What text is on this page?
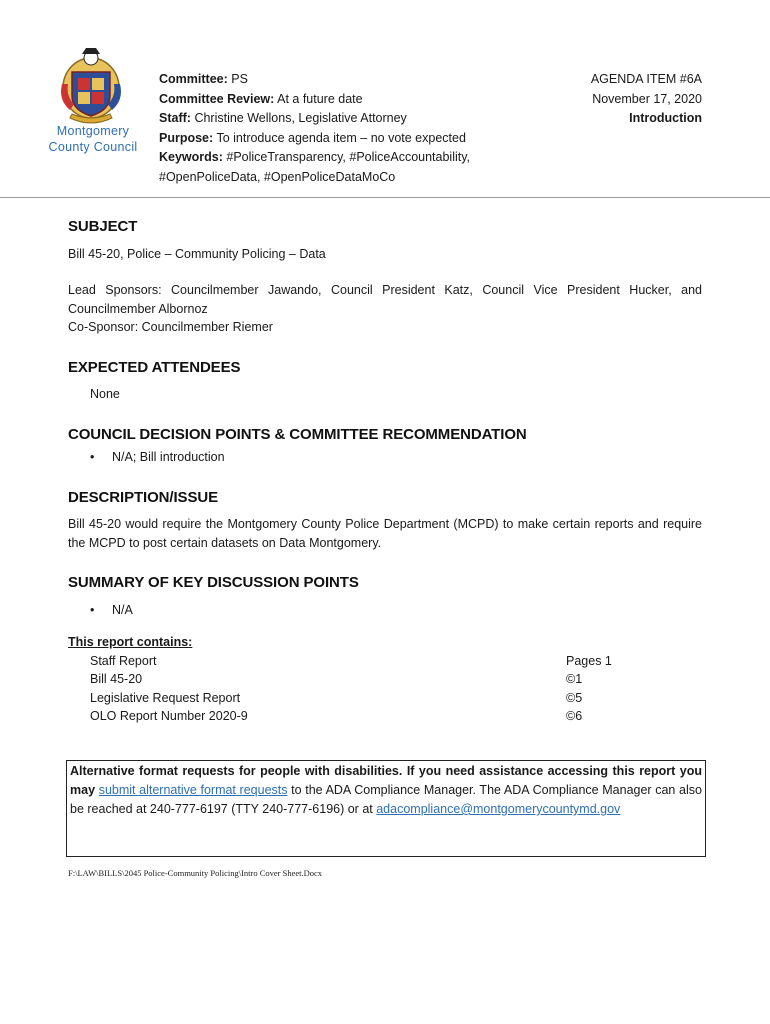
Montgomery
County Council
Committee: PS
Committee Review: At a future date
Staff: Christine Wellons, Legislative Attorney
Purpose: To introduce agenda item – no vote expected
Keywords: #PoliceTransparency, #PoliceAccountability,
#OpenPoliceData, #OpenPoliceDataMoCo
AGENDA ITEM #6A
November 17, 2020
Introduction
SUBJECT
Bill 45-20, Police – Community Policing – Data
Lead Sponsors: Councilmember Jawando, Council President Katz, Council Vice President Hucker, and Councilmember Albornoz
Co-Sponsor: Councilmember Riemer
EXPECTED ATTENDEES
None
COUNCIL DECISION POINTS & COMMITTEE RECOMMENDATION
• N/A; Bill introduction
DESCRIPTION/ISSUE
Bill 45-20 would require the Montgomery County Police Department (MCPD) to make certain reports and require the MCPD to post certain datasets on Data Montgomery.
SUMMARY OF KEY DISCUSSION POINTS
• N/A
This report contains:
Staff Report	Pages 1
Bill 45-20	©1
Legislative Request Report	©5
OLO Report Number 2020-9	©6
Alternative format requests for people with disabilities. If you need assistance accessing this report you may submit alternative format requests to the ADA Compliance Manager. The ADA Compliance Manager can also be reached at 240-777-6197 (TTY 240-777-6196) or at adacompliance@montgomerycountymd.gov
F:\LAW\BILLS\2045 Police-Community Policing\Intro Cover Sheet.Docx
